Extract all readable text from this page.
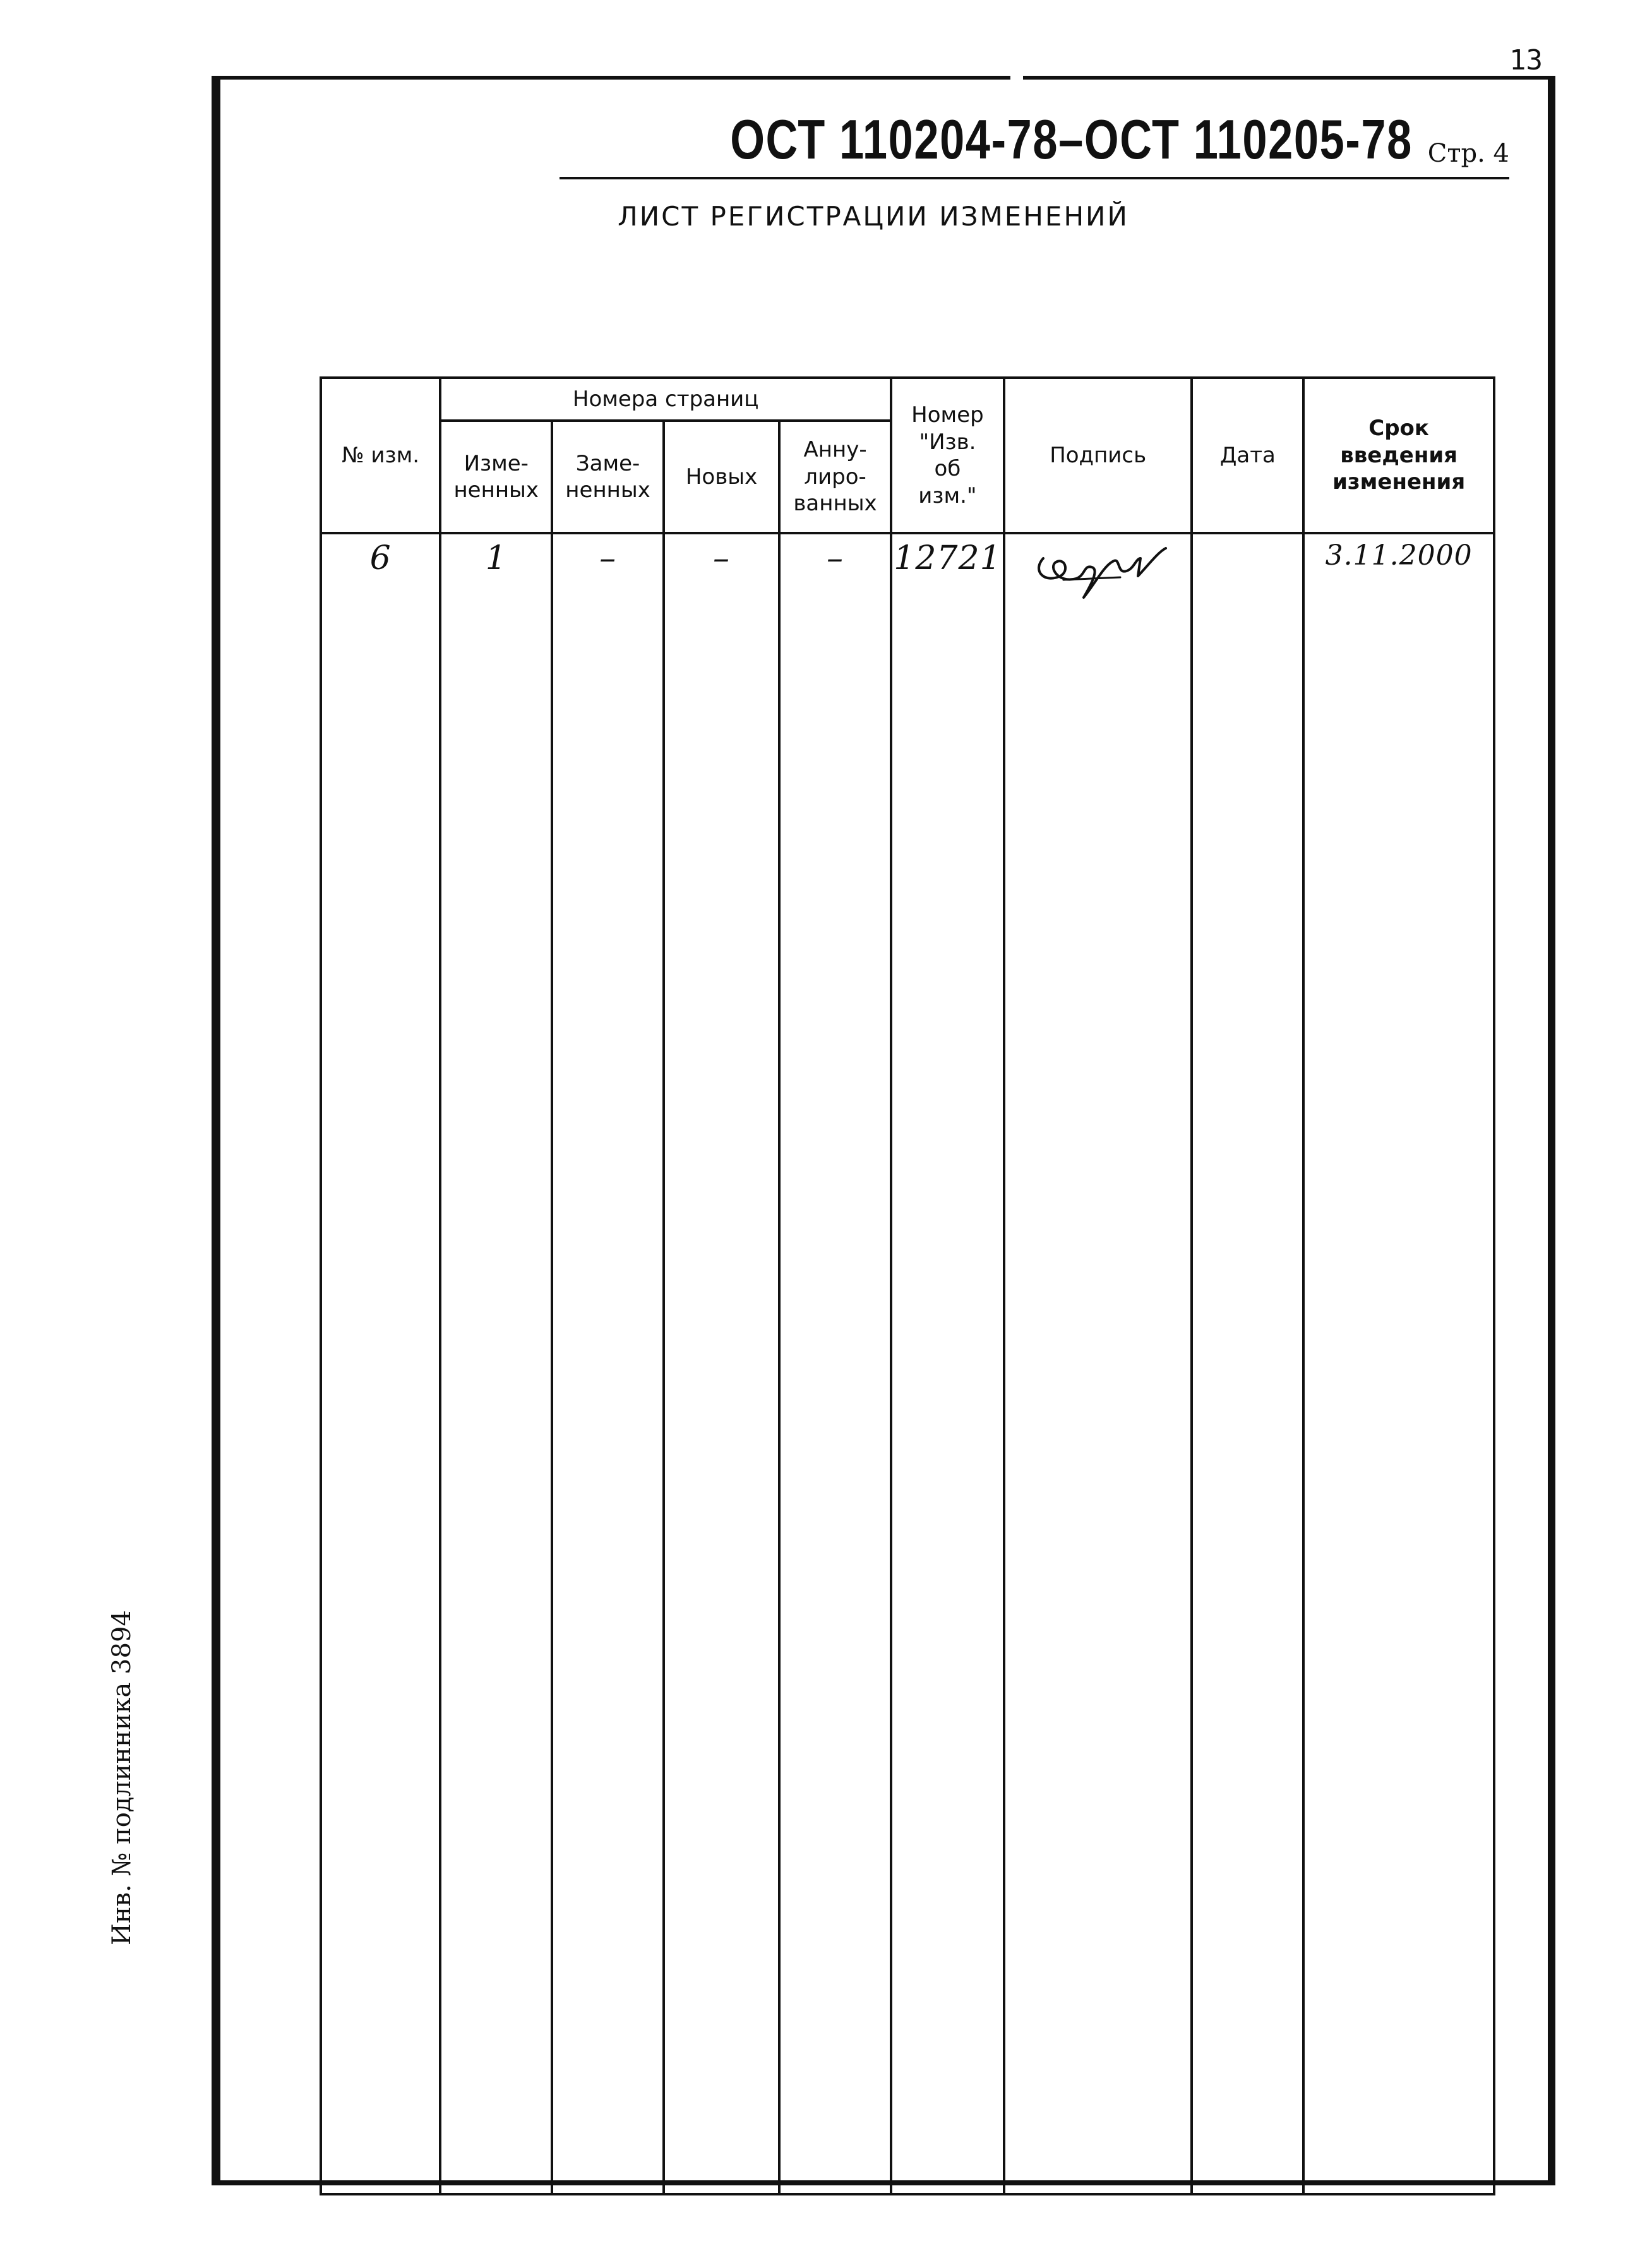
13
ОСТ 110204-78–ОСТ 110205-78 Стр. 4
ЛИСТ РЕГИСТРАЦИИ ИЗМЕНЕНИЙ
№ изм.	Номера страниц				Номер "Изв. об изм."	Подпись	Дата	Срок введения изменения
	Изме- ненных	Заме- ненных	Новых	Анну- лиро- ванных				
6	1	–	–	–	12721			3.11.2000
Инв. № подлинника 3894
